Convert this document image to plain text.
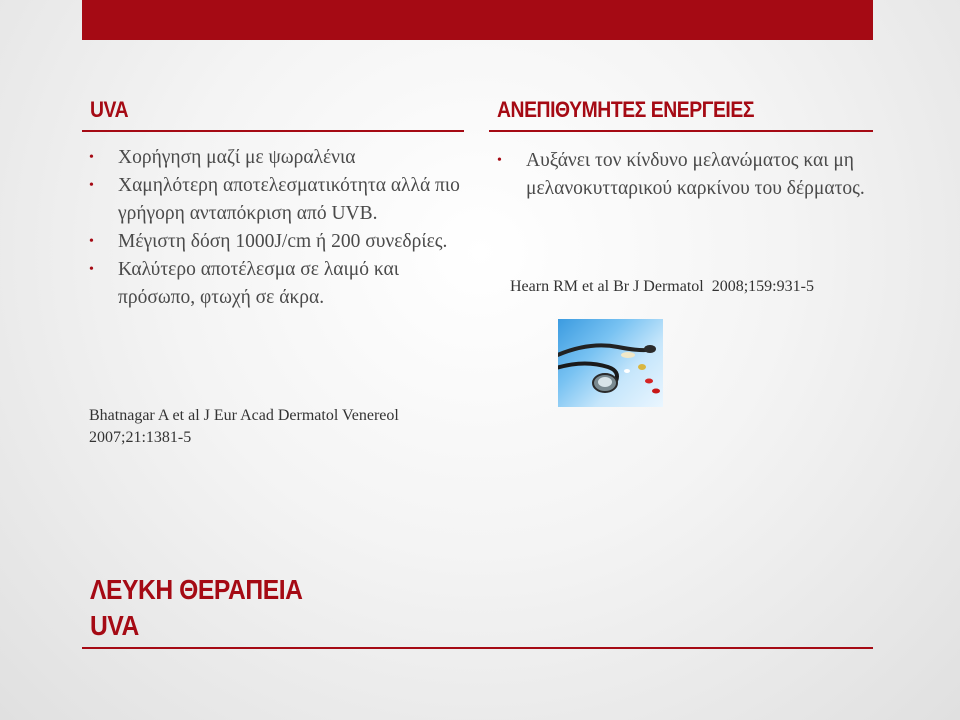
UVA	ΑΝΕΠΙΘΥΜΗΤΕΣ ΕΝΕΡΓΕΙΕΣ
• Χορήγηση μαζί με ψωραλένια
• Χαμηλότερη αποτελεσματικότητα αλλά πιο γρήγορη ανταπόκριση από UVB.
• Μέγιστη δόση 1000J/cm ή 200 συνεδρίες.
• Καλύτερο αποτέλεσμα σε λαιμό και πρόσωπο, φτωχή σε άκρα.
• Αυξάνει τον κίνδυνο μελανώματος και μη μελανοκυτταρικού καρκίνου του δέρματος.

Hearn RM et al Br J Dermatol  2008;159:931-5

Bhatnagar A et al J Eur Acad Dermatol Venereol 2007;21:1381-5

ΛΕΥΚΗ ΘΕΡΑΠΕΙΑ
UVA
